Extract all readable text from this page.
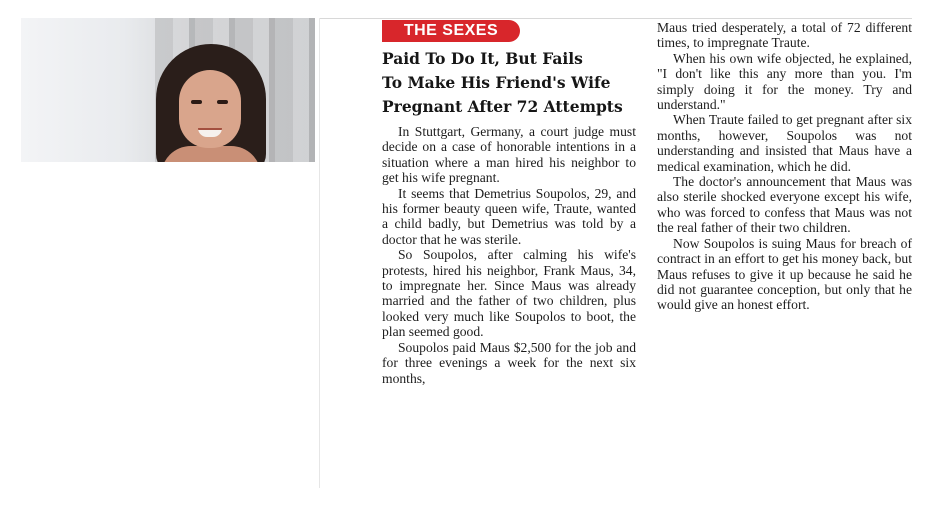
THE SEXES
Paid To Do It, But Fails
To Make His Friend's Wife
Pregnant After 72 Attempts

In Stuttgart, Germany, a court judge must decide on a case of honorable intentions in a situation where a man hired his neighbor to get his wife pregnant.

It seems that Demetrius Soupolos, 29, and his former beauty queen wife, Traute, wanted a child badly, but Demetrius was told by a doctor that he was sterile.

So Soupolos, after calming his wife's protests, hired his neighbor, Frank Maus, 34, to impregnate her. Since Maus was already married and the father of two children, plus looked very much like Soupolos to boot, the plan seemed good.

Soupolos paid Maus $2,500 for the job and for three evenings a week for the next six months,

Maus tried desperately, a total of 72 different times, to impregnate Traute.

When his own wife objected, he explained, "I don't like this any more than you. I'm simply doing it for the money. Try and understand."

When Traute failed to get pregnant after six months, however, Soupolos was not understanding and insisted that Maus have a medical examination, which he did.

The doctor's announcement that Maus was also sterile shocked everyone except his wife, who was forced to confess that Maus was not the real father of their two children.

Now Soupolos is suing Maus for breach of contract in an effort to get his money back, but Maus refuses to give it up because he said he did not guarantee conception, but only that he would give an honest effort.
